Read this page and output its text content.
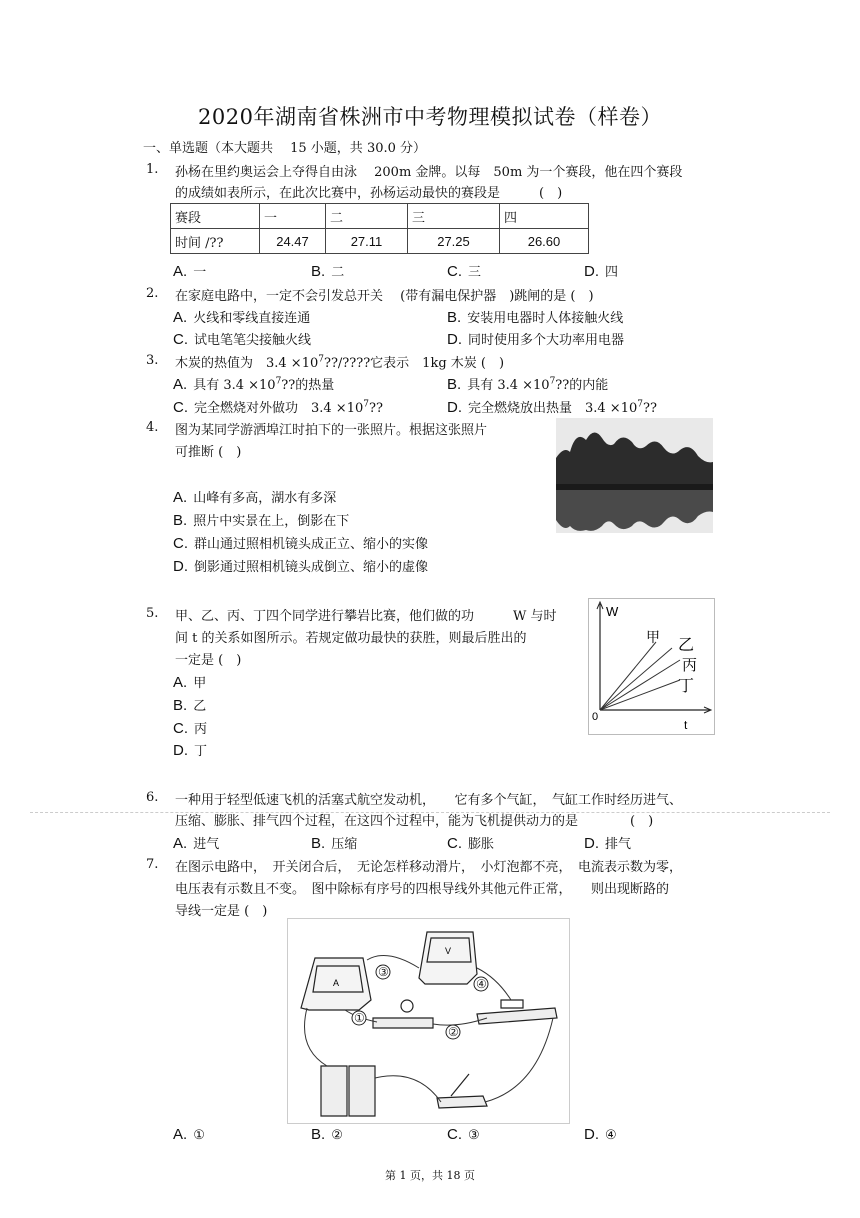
2020年湖南省株洲市中考物理模拟试卷（样卷）
一、单选题（本大题共　 15 小题，共 30.0 分）
1. 孙杨在里约奥运会上夺得自由泳　 200m 金牌。以每　50m 为一个赛段，他在四个赛段
的成绩如表所示，在此次比赛中，孙杨运动最快的赛段是　　　(　)
赛段	一	二	三	四
时间 /??	24.47	27.11	27.25	26.60
A. 一	B. 二	C. 三	D. 四
2. 在家庭电路中，一定不会引发总开关　 (带有漏电保护器　)跳闸的是 (　)
A. 火线和零线直接连通	B. 安装用电器时人体接触火线
C. 试电笔笔尖接触火线	D. 同时使用多个大功率用电器
3. 木炭的热值为　$3.4 \times 10^7??/$????它表示　1kg 木炭 (　)
A. 具有 $3.4 \times 10^7$??的热量	B. 具有 $3.4 \times 10^7$??的内能
C. 完全燃烧对外做功　$3.4 \times 10^7$??	D. 完全燃烧放出热量　$3.4 \times 10^7$??
4. 图为某同学游洒埠江时拍下的一张照片。根据这张照片
可推断 (　)
A. 山峰有多高，湖水有多深
B. 照片中实景在上，倒影在下
C. 群山通过照相机镜头成正立、缩小的实像
D. 倒影通过照相机镜头成倒立、缩小的虚像
5. 甲、乙、丙、丁四个同学进行攀岩比赛，他们做的功　　　W 与时
间 t 的关系如图所示。若规定做功最快的获胜，则最后胜出的
一定是 (　)
A. 甲
B. 乙
C. 丙
D. 丁
W
t
0
甲 乙
丙
丁
6. 一种用于轻型低速飞机的活塞式航空发动机，　　它有多个气缸，　气缸工作时经历进气、
压缩、膨胀、排气四个过程，在这四个过程中，能为飞机提供动力的是　　　　(　)
A. 进气	B. 压缩	C. 膨胀	D. 排气
7. 在图示电路中，　开关闭合后，　无论怎样移动滑片，　小灯泡都不亮，　电流表示数为零，
电压表有示数且不变。　图中除标有序号的四根导线外其他元件正常，　　则出现断路的
导线一定是 (　)
A
V
①
②
③
④
A. ①	B. ②	C. ③	D. ④
第 1 页，共 18 页
